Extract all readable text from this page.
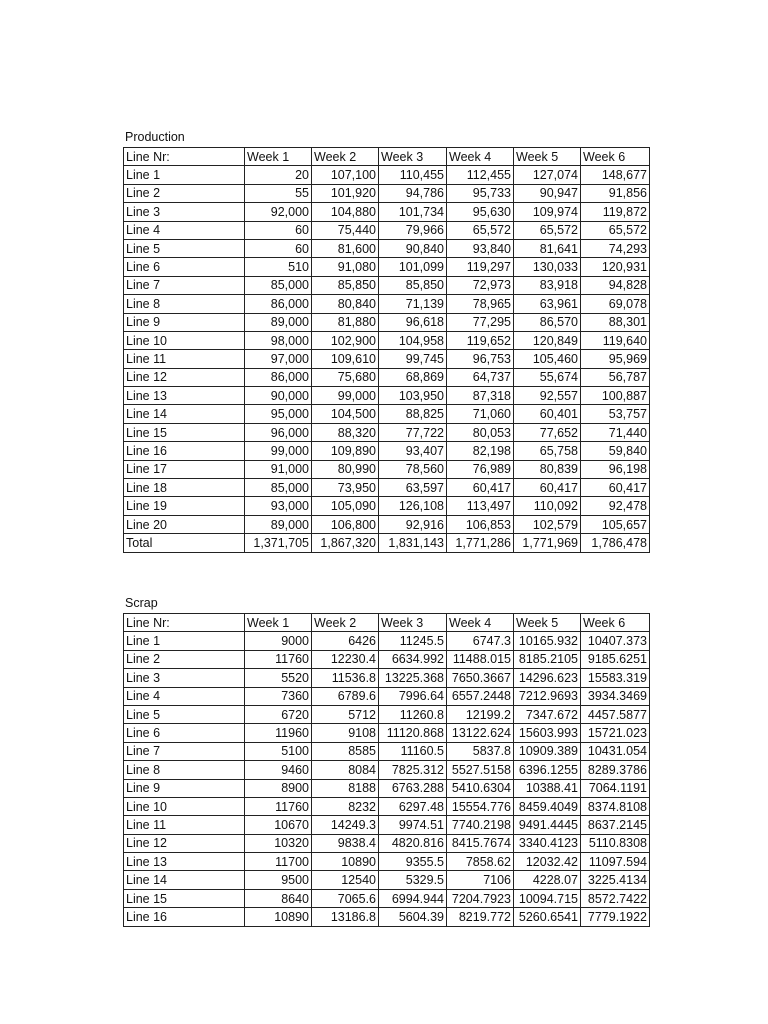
Production
Line Nr:	Week 1	Week 2	Week 3	Week 4	Week 5	Week 6
Line 1	20	107,100	110,455	112,455	127,074	148,677
Line 2	55	101,920	94,786	95,733	90,947	91,856
Line 3	92,000	104,880	101,734	95,630	109,974	119,872
Line 4	60	75,440	79,966	65,572	65,572	65,572
Line 5	60	81,600	90,840	93,840	81,641	74,293
Line 6	510	91,080	101,099	119,297	130,033	120,931
Line 7	85,000	85,850	85,850	72,973	83,918	94,828
Line 8	86,000	80,840	71,139	78,965	63,961	69,078
Line 9	89,000	81,880	96,618	77,295	86,570	88,301
Line 10	98,000	102,900	104,958	119,652	120,849	119,640
Line 11	97,000	109,610	99,745	96,753	105,460	95,969
Line 12	86,000	75,680	68,869	64,737	55,674	56,787
Line 13	90,000	99,000	103,950	87,318	92,557	100,887
Line 14	95,000	104,500	88,825	71,060	60,401	53,757
Line 15	96,000	88,320	77,722	80,053	77,652	71,440
Line 16	99,000	109,890	93,407	82,198	65,758	59,840
Line 17	91,000	80,990	78,560	76,989	80,839	96,198
Line 18	85,000	73,950	63,597	60,417	60,417	60,417
Line 19	93,000	105,090	126,108	113,497	110,092	92,478
Line 20	89,000	106,800	92,916	106,853	102,579	105,657
Total	1,371,705	1,867,320	1,831,143	1,771,286	1,771,969	1,786,478
Scrap
Line Nr:	Week 1	Week 2	Week 3	Week 4	Week 5	Week 6
Line 1	9000	6426	11245.5	6747.3	10165.932	10407.373
Line 2	11760	12230.4	6634.992	11488.015	8185.2105	9185.6251
Line 3	5520	11536.8	13225.368	7650.3667	14296.623	15583.319
Line 4	7360	6789.6	7996.64	6557.2448	7212.9693	3934.3469
Line 5	6720	5712	11260.8	12199.2	7347.672	4457.5877
Line 6	11960	9108	11120.868	13122.624	15603.993	15721.023
Line 7	5100	8585	11160.5	5837.8	10909.389	10431.054
Line 8	9460	8084	7825.312	5527.5158	6396.1255	8289.3786
Line 9	8900	8188	6763.288	5410.6304	10388.41	7064.1191
Line 10	11760	8232	6297.48	15554.776	8459.4049	8374.8108
Line 11	10670	14249.3	9974.51	7740.2198	9491.4445	8637.2145
Line 12	10320	9838.4	4820.816	8415.7674	3340.4123	5110.8308
Line 13	11700	10890	9355.5	7858.62	12032.42	11097.594
Line 14	9500	12540	5329.5	7106	4228.07	3225.4134
Line 15	8640	7065.6	6994.944	7204.7923	10094.715	8572.7422
Line 16	10890	13186.8	5604.39	8219.772	5260.6541	7779.1922
